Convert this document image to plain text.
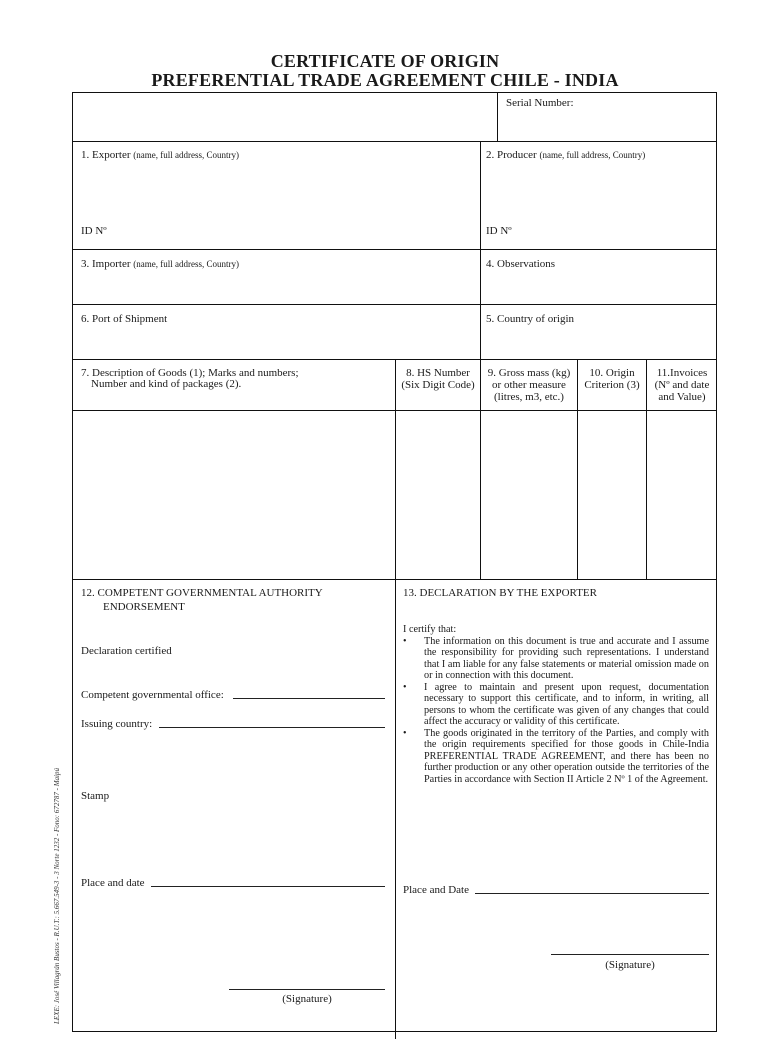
CERTIFICATE OF ORIGIN
PREFERENTIAL TRADE AGREEMENT CHILE - INDIA
LEXE: José Villagrán Bustos - R.U.T.: 5.667.549-3 - 3 Norte 1232 - Fono: 672787 - Maipú
Serial Number:
1. Exporter (name, full address, Country)
ID Nº
2. Producer (name, full address, Country)
ID Nº
3. Importer (name, full address, Country)	4. Observations
6. Port of Shipment	5. Country of origin
7. Description of Goods (1); Marks and numbers;
Number and kind of packages (2).
8. HS Number (Six Digit Code)
9. Gross mass (kg) or other measure (litres, m3, etc.)
10. Origin Criterion (3)
11.Invoices (Nº and date and Value)
12. COMPETENT GOVERNMENTAL AUTHORITY
ENDORSEMENT
Declaration certified
Competent governmental office:
Issuing country:
Stamp
Place and date
(Signature)
13. DECLARATION BY THE EXPORTER
I certify that:
• The information on this document is true and accurate and I assume the responsibility for providing such representations. I understand that I am liable for any false statements or material omission made on or in connection with this document.
• I agree to maintain and present upon request, documentation necessary to support this certificate, and to inform, in writing, all persons to whom the certificate was given of any changes that could affect the accuracy or validity of this certificate.
• The goods originated in the territory of the Parties, and comply with the origin requirements specified for those goods in Chile-India PREFERENTIAL TRADE AGREEMENT, and there has been no further production or any other operation outside the territories of the Parties in accordance with Section II Article 2 Nº 1 of the Agreement.
Place and Date
(Signature)
